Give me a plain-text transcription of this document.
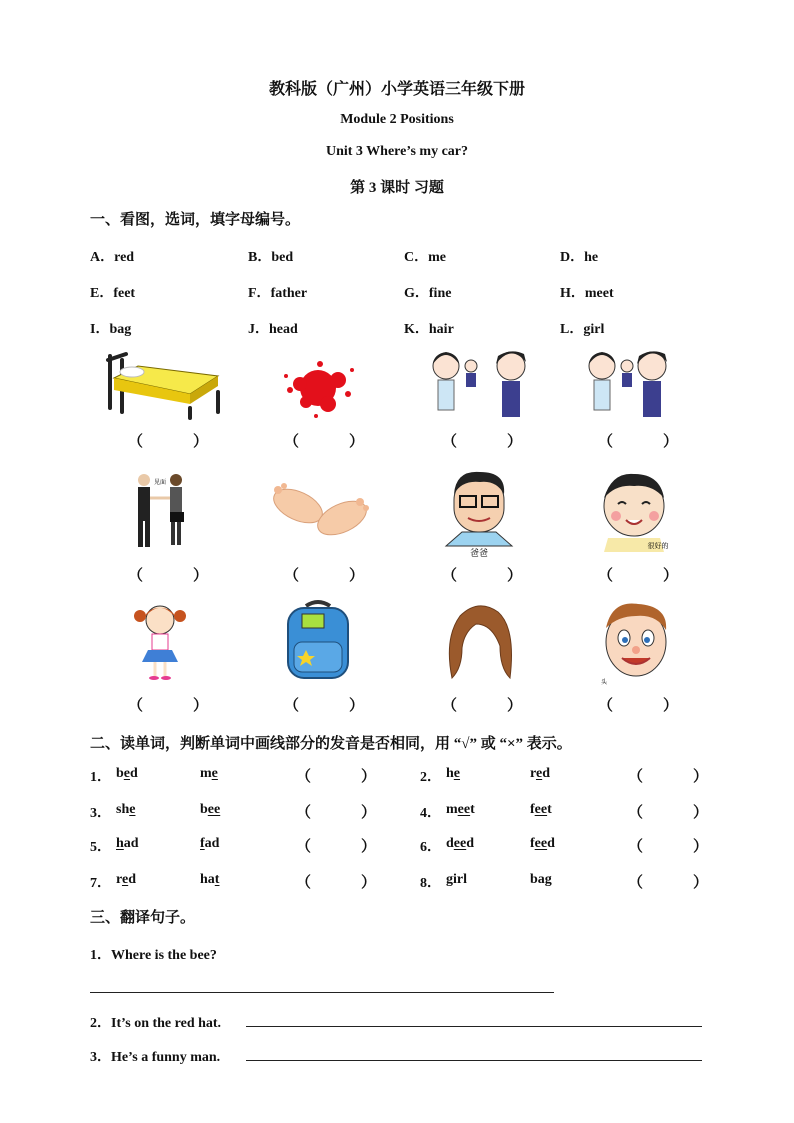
教科版（广州）小学英语三年级下册
Module 2 Positions
Unit 3 Where’s my car?
第 3 课时 习题
一、看图，选词，填字母编号。
A．red	B．bed	C．me	D．he
E．feet	F．father	G．fine	H．meet
I．bag	J．head	K．hair	L．girl
见面
爸爸
很好的
头
（	）	（	）	（	）	（	）
（	）	（	）	（	）	（	）
（	）	（	）	（	）	（	）
二、读单词，判断单词中画线部分的发音是否相同，用 “√” 或 “×” 表示。
1． bed	me	（	）	2． he	red	（	）
3． she	bee	（	）	4． meet	feet	（	）
5． had	fad	（	）	6． deed	feed	（	）
7． red	hat	（	）	8． girl	bag	（	）
三、翻译句子。
1．Where is the bee?
2．It’s on the red hat.
3．He’s a funny man.
